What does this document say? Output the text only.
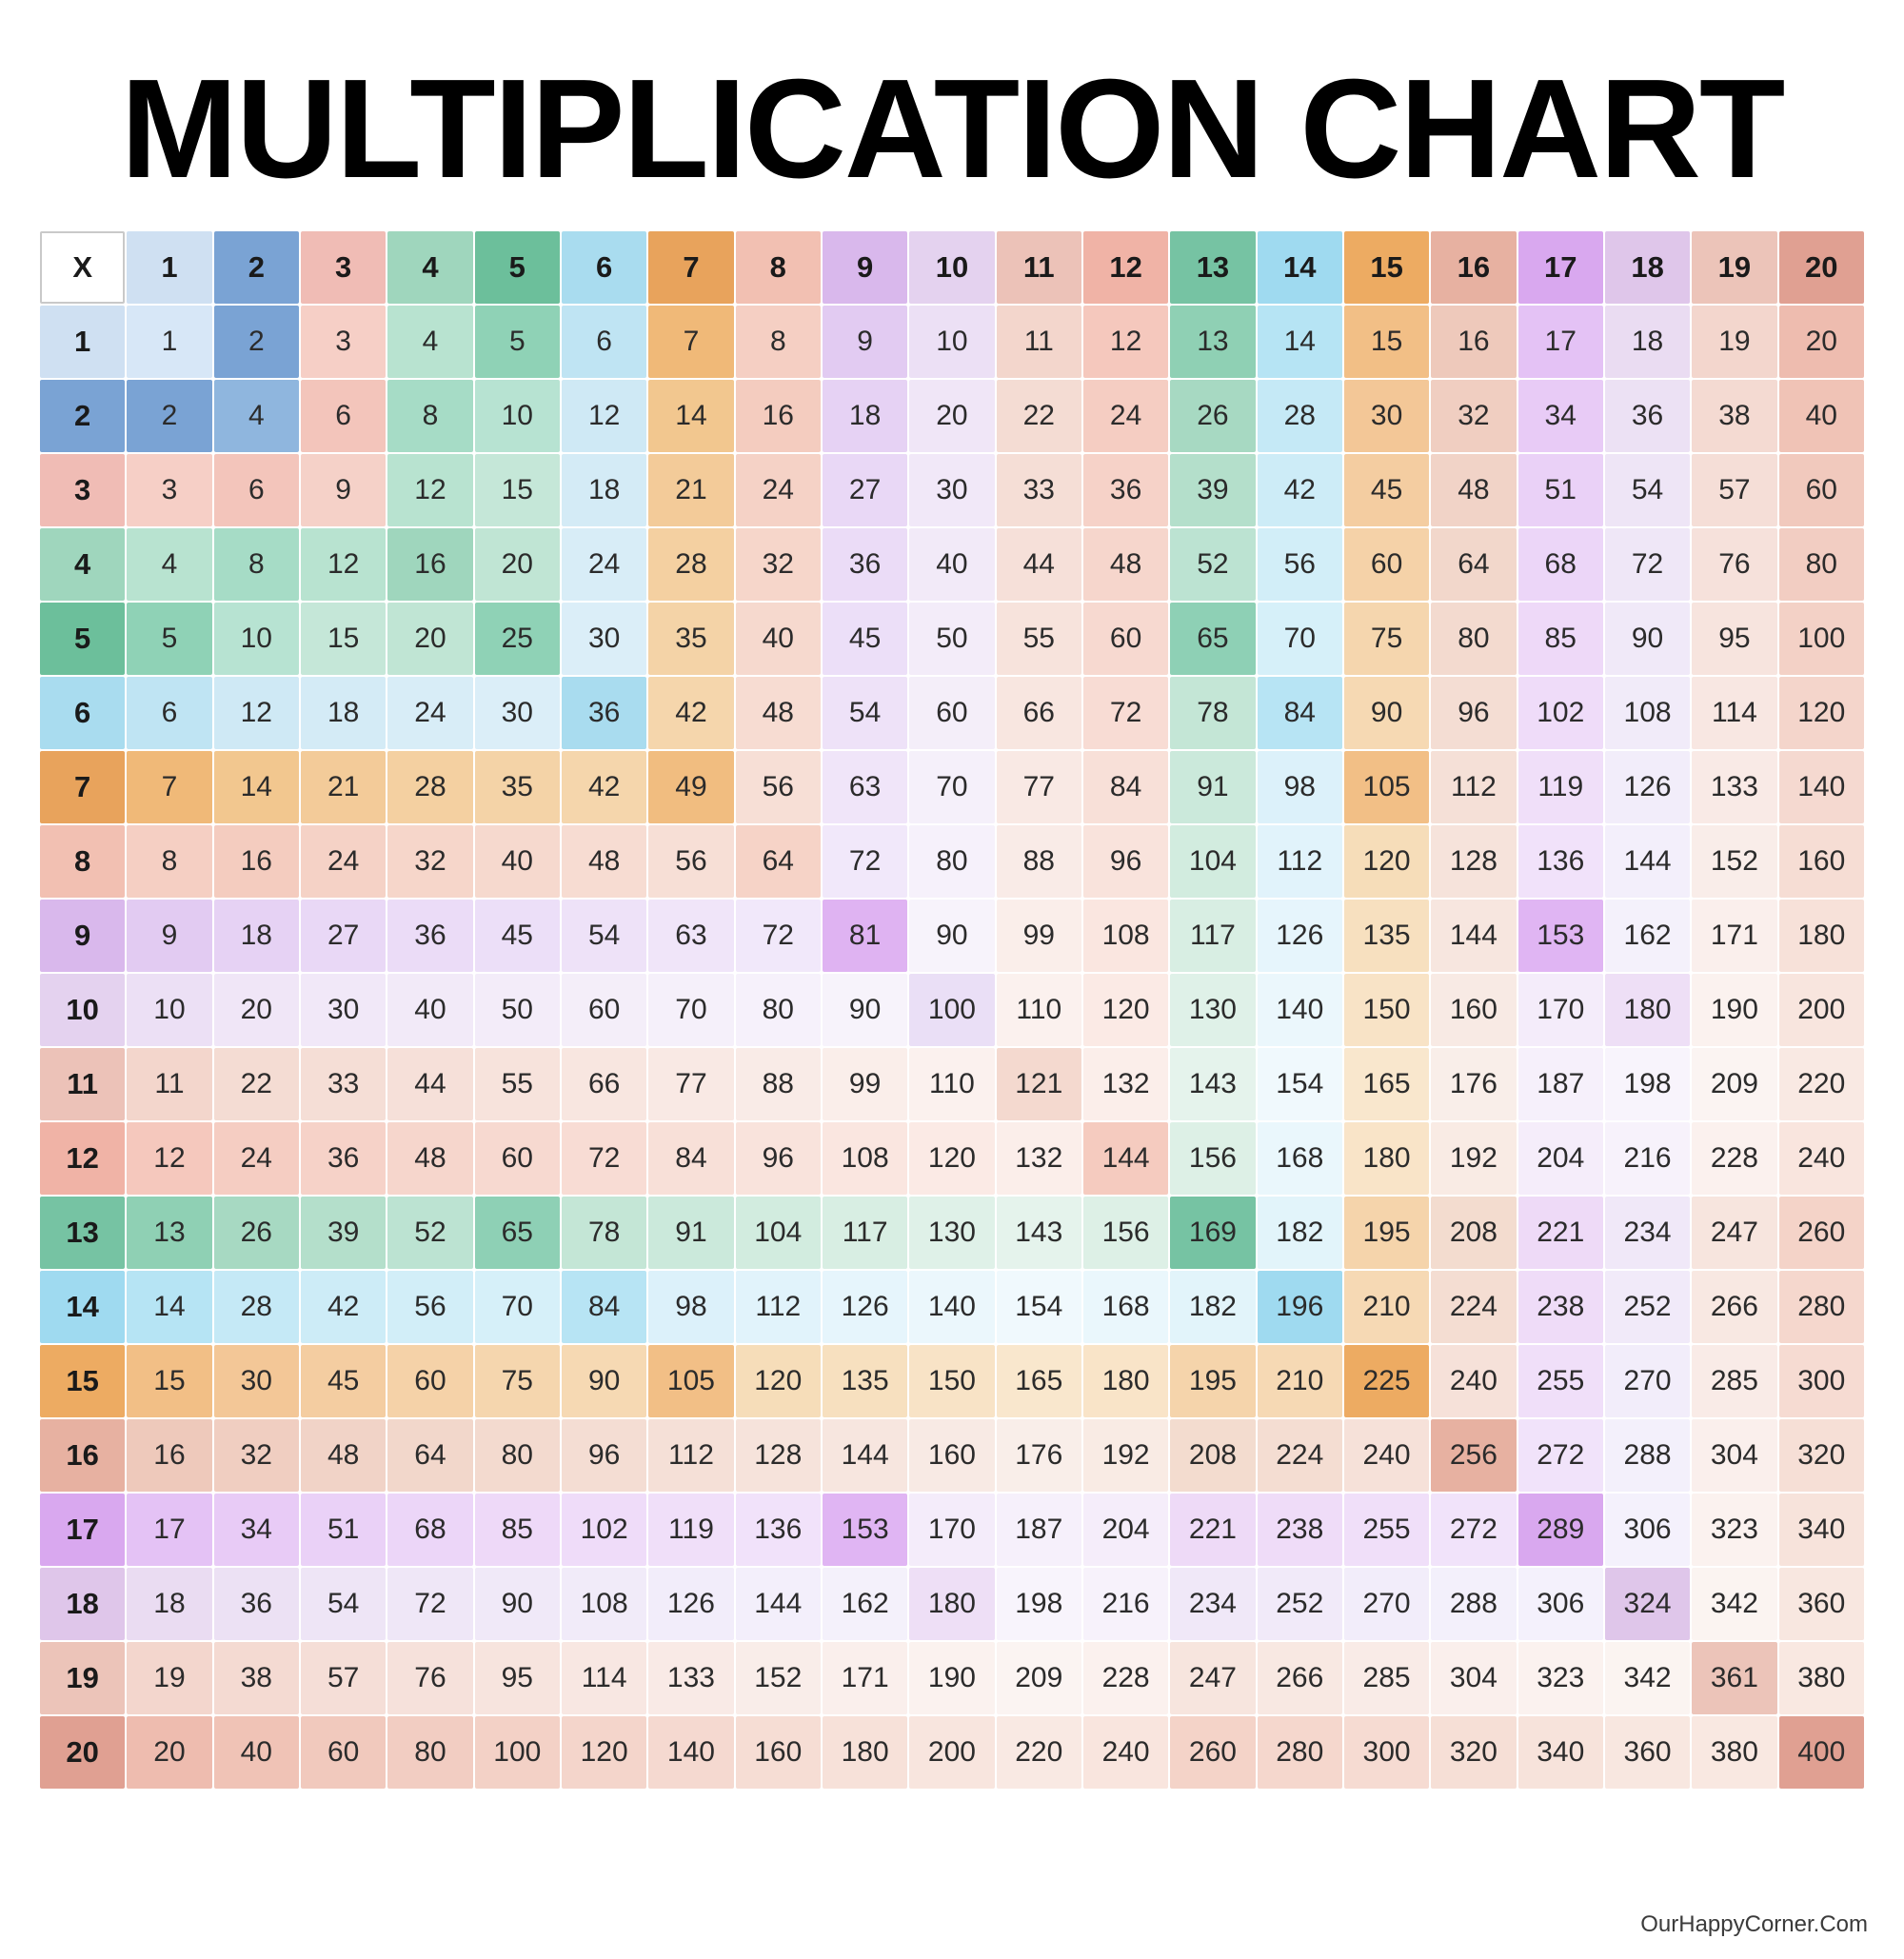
MULTIPLICATION CHART
X	1	2	3	4	5	6	7	8	9	10	11	12	13	14	15	16	17	18	19	20
1	1	2	3	4	5	6	7	8	9	10	11	12	13	14	15	16	17	18	19	20
2	2	4	6	8	10	12	14	16	18	20	22	24	26	28	30	32	34	36	38	40
3	3	6	9	12	15	18	21	24	27	30	33	36	39	42	45	48	51	54	57	60
4	4	8	12	16	20	24	28	32	36	40	44	48	52	56	60	64	68	72	76	80
5	5	10	15	20	25	30	35	40	45	50	55	60	65	70	75	80	85	90	95	100
6	6	12	18	24	30	36	42	48	54	60	66	72	78	84	90	96	102	108	114	120
7	7	14	21	28	35	42	49	56	63	70	77	84	91	98	105	112	119	126	133	140
8	8	16	24	32	40	48	56	64	72	80	88	96	104	112	120	128	136	144	152	160
9	9	18	27	36	45	54	63	72	81	90	99	108	117	126	135	144	153	162	171	180
10	10	20	30	40	50	60	70	80	90	100	110	120	130	140	150	160	170	180	190	200
11	11	22	33	44	55	66	77	88	99	110	121	132	143	154	165	176	187	198	209	220
12	12	24	36	48	60	72	84	96	108	120	132	144	156	168	180	192	204	216	228	240
13	13	26	39	52	65	78	91	104	117	130	143	156	169	182	195	208	221	234	247	260
14	14	28	42	56	70	84	98	112	126	140	154	168	182	196	210	224	238	252	266	280
15	15	30	45	60	75	90	105	120	135	150	165	180	195	210	225	240	255	270	285	300
16	16	32	48	64	80	96	112	128	144	160	176	192	208	224	240	256	272	288	304	320
17	17	34	51	68	85	102	119	136	153	170	187	204	221	238	255	272	289	306	323	340
18	18	36	54	72	90	108	126	144	162	180	198	216	234	252	270	288	306	324	342	360
19	19	38	57	76	95	114	133	152	171	190	209	228	247	266	285	304	323	342	361	380
20	20	40	60	80	100	120	140	160	180	200	220	240	260	280	300	320	340	360	380	400
OurHappyCorner.Com
